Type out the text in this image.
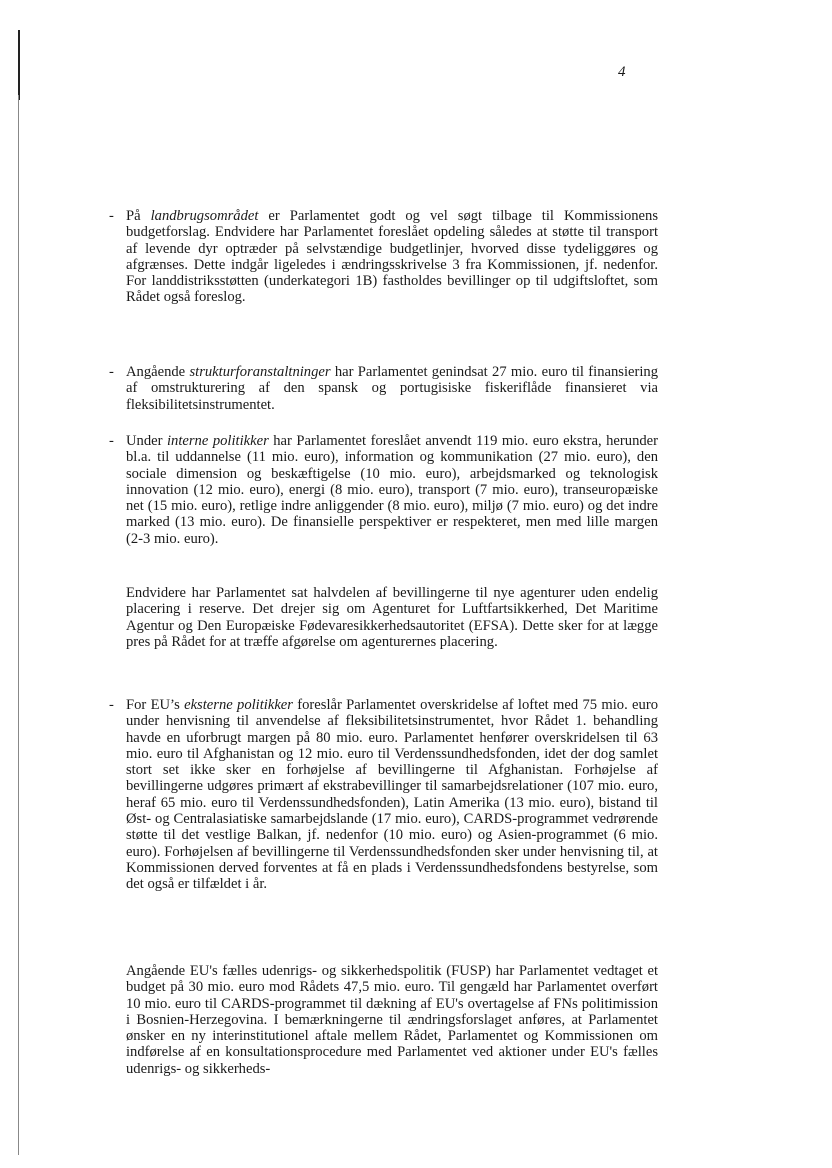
4
- På landbrugsområdet er Parlamentet godt og vel søgt tilbage til Kommissionens budgetforslag. Endvidere har Parlamentet foreslået opdeling således at støtte til transport af levende dyr optræder på selvstændige budgetlinjer, hvorved disse tydeliggøres og afgrænses. Dette indgår ligeledes i ændringsskrivelse 3 fra Kommissionen, jf. nedenfor. For landdistriksstøtten (underkategori 1B) fastholdes bevillinger op til udgiftsloftet, som Rådet også foreslog.

- Angående strukturforanstaltninger har Parlamentet genindsat 27 mio. euro til finansiering af omstrukturering af den spansk og portugisiske fiskeriflåde finansieret via fleksibilitetsinstrumentet.

- Under interne politikker har Parlamentet foreslået anvendt 119 mio. euro ekstra, herunder bl.a. til uddannelse (11 mio. euro), information og kommunikation (27 mio. euro), den sociale dimension og beskæftigelse (10 mio. euro), arbejdsmarked og teknologisk innovation (12 mio. euro), energi (8 mio. euro), transport (7 mio. euro), transeuropæiske net (15 mio. euro), retlige indre anliggender (8 mio. euro), miljø (7 mio. euro) og det indre marked (13 mio. euro). De finansielle perspektiver er respekteret, men med lille margen (2-3 mio. euro).

Endvidere har Parlamentet sat halvdelen af bevillingerne til nye agenturer uden endelig placering i reserve. Det drejer sig om Agenturet for Luftfartsikkerhed, Det Maritime Agentur og Den Europæiske Fødevaresikkerhedsautoritet (EFSA). Dette sker for at lægge pres på Rådet for at træffe afgørelse om agenturernes placering.

- For EU’s eksterne politikker foreslår Parlamentet overskridelse af loftet med 75 mio. euro under henvisning til anvendelse af fleksibilitetsinstrumentet, hvor Rådet 1. behandling havde en uforbrugt margen på 80 mio. euro. Parlamentet henfører overskridelsen til 63 mio. euro til Afghanistan og 12 mio. euro til Verdenssundhedsfonden, idet der dog samlet stort set ikke sker en forhøjelse af bevillingerne til Afghanistan. Forhøjelse af bevillingerne udgøres primært af ekstrabevillinger til samarbejdsrelationer (107 mio. euro, heraf 65 mio. euro til Verdenssundhedsfonden), Latin Amerika (13 mio. euro), bistand til Øst- og Centralasiatiske samarbejdslande (17 mio. euro), CARDS-programmet vedrørende støtte til det vestlige Balkan, jf. nedenfor (10 mio. euro) og Asien-programmet (6 mio. euro). Forhøjelsen af bevillingerne til Verdenssundhedsfonden sker under henvisning til, at Kommissionen derved forventes at få en plads i Verdenssundhedsfondens bestyrelse, som det også er tilfældet i år.

Angående EU's fælles udenrigs- og sikkerhedspolitik (FUSP) har Parlamentet vedtaget et budget på 30 mio. euro mod Rådets 47,5 mio. euro. Til gengæld har Parlamentet overført 10 mio. euro til CARDS-programmet til dækning af EU's overtagelse af FNs politimission i Bosnien-Herzegovina. I bemærkningerne til ændringsforslaget anføres, at Parlamentet ønsker en ny interinstitutionel aftale mellem Rådet, Parlamentet og Kommissionen om indførelse af en konsultationsprocedure med Parlamentet ved aktioner under EU's fælles udenrigs- og sikkerheds-
